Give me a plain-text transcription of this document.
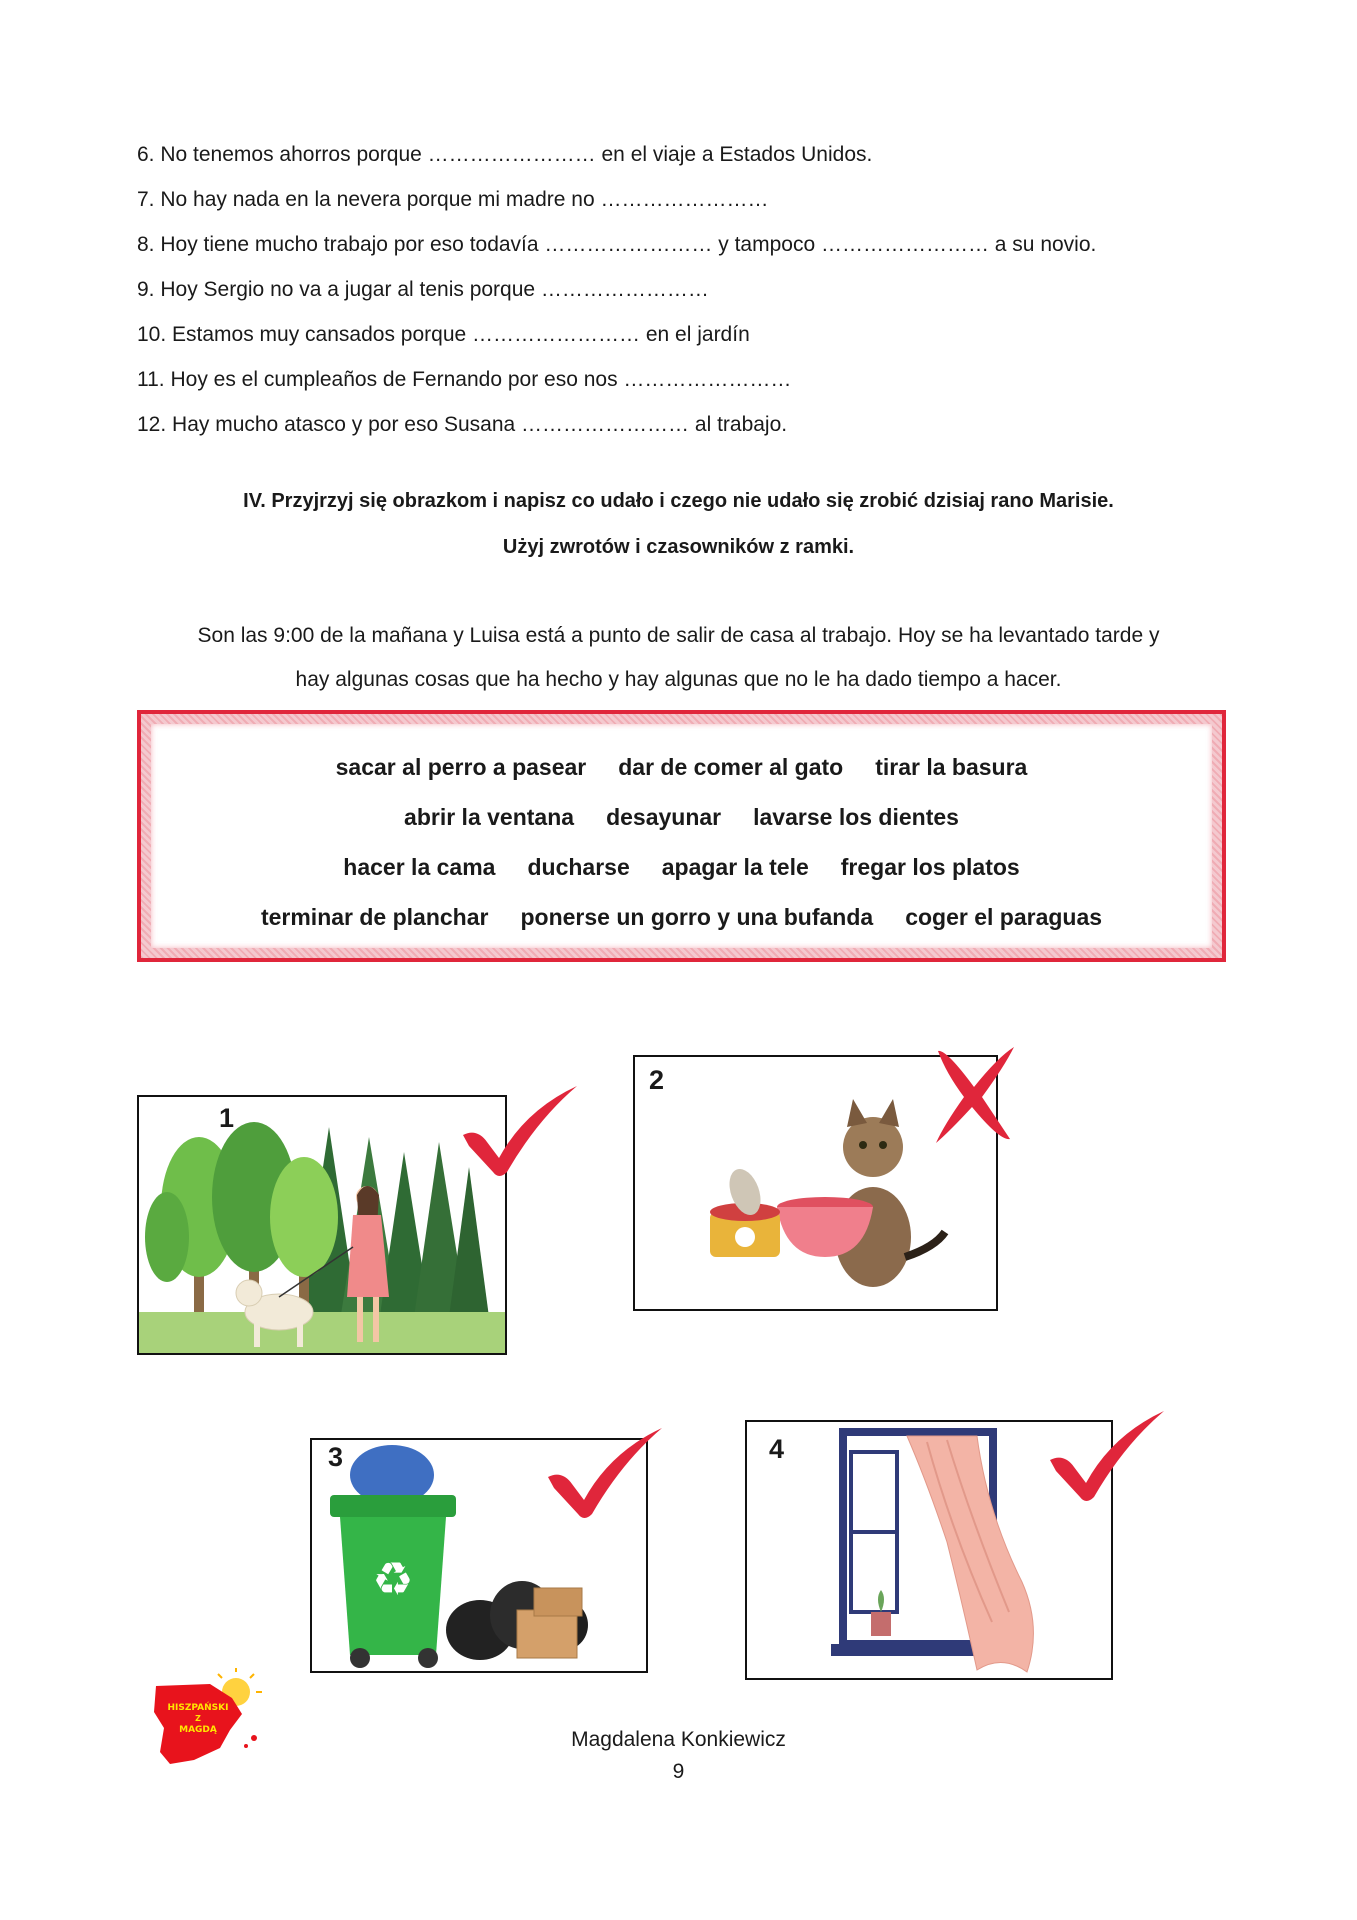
6. No tenemos ahorros porque …………………… en el viaje a Estados Unidos.
7. No hay nada en la nevera porque mi madre no ……………………
8. Hoy tiene mucho trabajo por eso todavía …………………… y tampoco …………………… a su novio.
9. Hoy Sergio no va a jugar al tenis porque ……………………
10. Estamos muy cansados porque …………………… en el jardín
11. Hoy es el cumpleaños de Fernando por eso nos ……………………
12. Hay mucho atasco y por eso Susana …………………… al trabajo.
IV. Przyjrzyj się obrazkom i napisz co udało i czego nie udało się zrobić dzisiaj rano Marisie.
Użyj zwrotów i czasowników z ramki.
Son las 9:00 de la mañana y Luisa está a punto de salir de casa al trabajo. Hoy se ha levantado tarde y
hay algunas cosas que ha hecho y hay algunas que no le ha dado tiempo a hacer.
sacar al perro a pasear dar de comer al gato tirar la basura
abrir la ventana desayunar lavarse los dientes
hacer la cama ducharse apagar la tele fregar los platos
terminar de planchar ponerse un gorro y una bufanda coger el paraguas
1
2
3
♻
4
HISZPAŃSKI
Z
MAGDĄ	Magdalena Konkiewicz
9
